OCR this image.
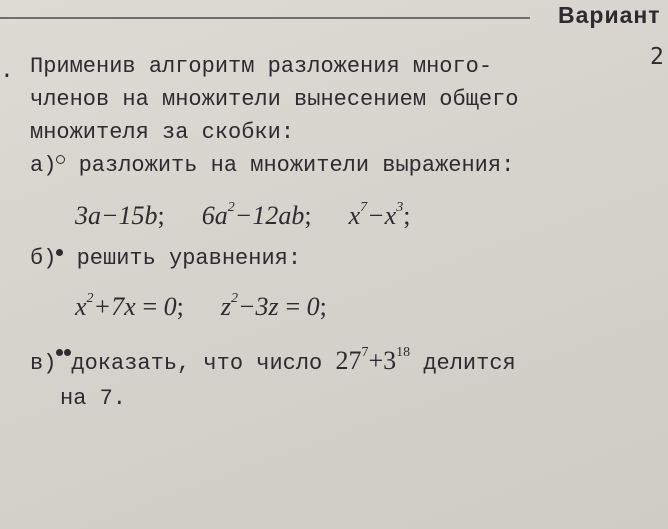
Вариант
2
. Применив алгоритм разложения много-
членов на множители вынесением общего
множителя за скобки:
а) разложить на множители выражения:
3a−15b; $6a^2-12ab$; $x^7-x^3$;
б) решить уравнения:
$x^2+7x = 0$; $z^2-3z = 0$;
в) доказать, что число $27^7+3^{18}$ делится
на 7.
